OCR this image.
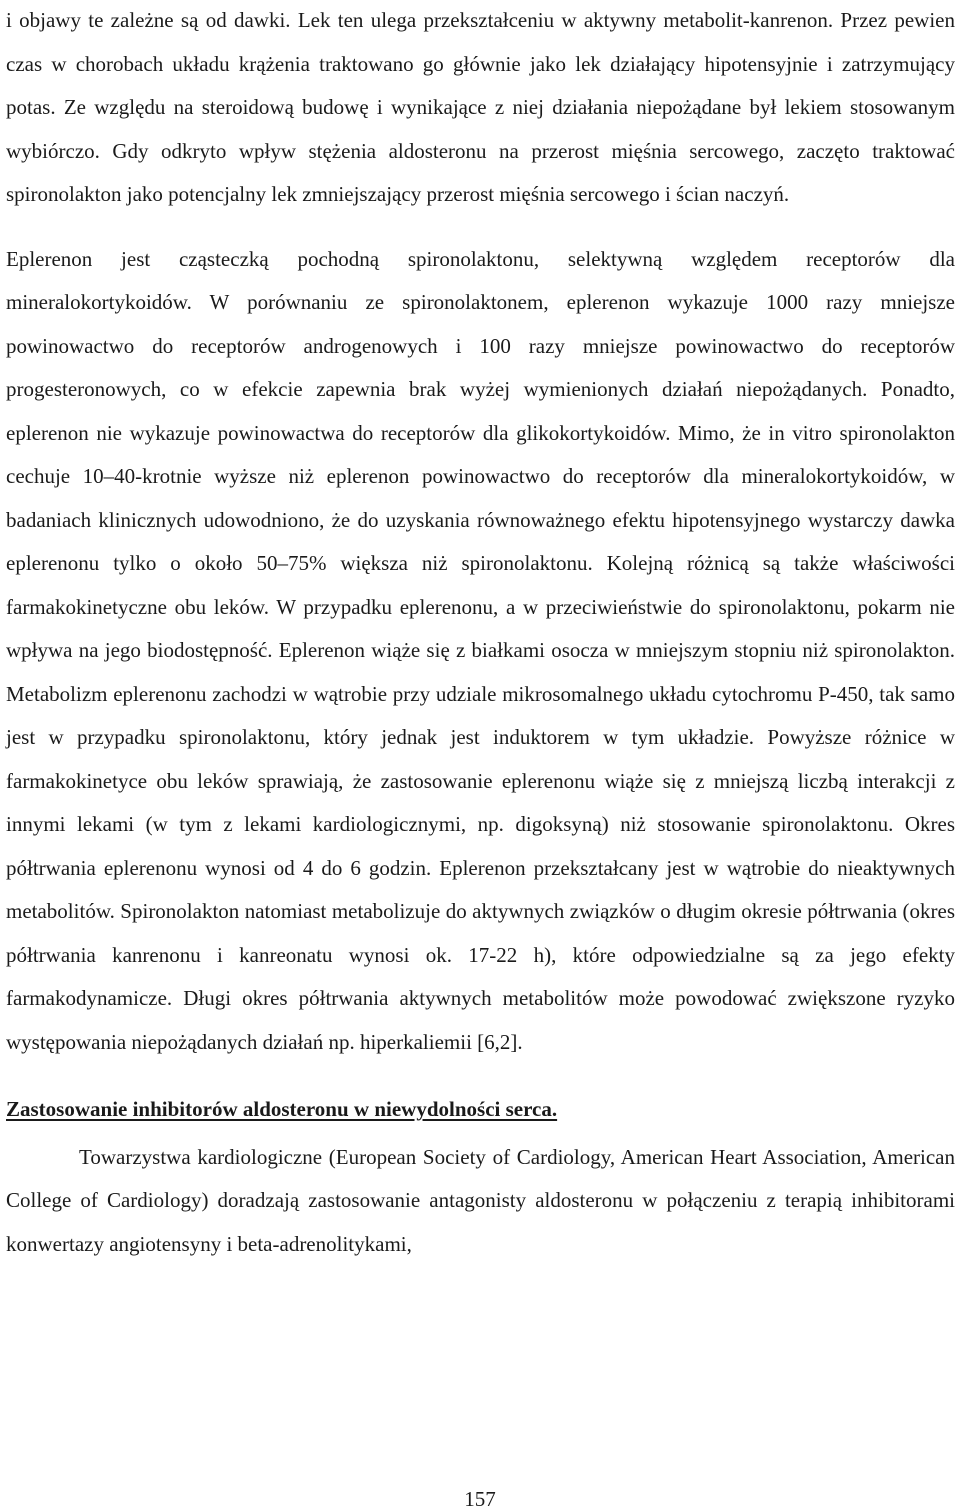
i objawy te zależne są od dawki. Lek ten ulega przekształceniu w aktywny metabolit-kanrenon. Przez pewien czas w chorobach układu krążenia traktowano go głównie jako lek działający hipotensyjnie i zatrzymujący potas. Ze względu na steroidową budowę i wynikające z niej działania niepożądane był lekiem stosowanym wybiórczo. Gdy odkryto wpływ stężenia aldosteronu na przerost mięśnia sercowego, zaczęto traktować spironolakton jako potencjalny lek zmniejszający przerost mięśnia sercowego i ścian naczyń.

Eplerenon jest cząsteczką pochodną spironolaktonu, selektywną względem receptorów dla mineralokortykoidów. W porównaniu ze spironolaktonem, eplerenon wykazuje 1000 razy mniejsze powinowactwo do receptorów androgenowych i 100 razy mniejsze powinowactwo do receptorów progesteronowych, co w efekcie zapewnia brak wyżej wymienionych działań niepożądanych. Ponadto, eplerenon nie wykazuje powinowactwa do receptorów dla glikokortykoidów. Mimo, że in vitro spironolakton cechuje 10–40-krotnie wyższe niż eplerenon powinowactwo do receptorów dla mineralokortykoidów, w badaniach klinicznych udowodniono, że do uzyskania równoważnego efektu hipotensyjnego wystarczy dawka eplerenonu tylko o około 50–75% większa niż spironolaktonu. Kolejną różnicą są także właściwości farmakokinetyczne obu leków. W przypadku eplerenonu, a w przeciwieństwie do spironolaktonu, pokarm nie wpływa na jego biodostępność. Eplerenon wiąże się z białkami osocza w mniejszym stopniu niż spironolakton. Metabolizm eplerenonu zachodzi w wątrobie przy udziale mikrosomalnego układu cytochromu P-450, tak samo jest w przypadku spironolaktonu, który jednak jest induktorem w tym układzie. Powyższe różnice w farmakokinetyce obu leków sprawiają, że zastosowanie eplerenonu wiąże się z mniejszą liczbą interakcji z innymi lekami (w tym z lekami kardiologicznymi, np. digoksyną) niż stosowanie spironolaktonu. Okres półtrwania eplerenonu wynosi od 4 do 6 godzin. Eplerenon przekształcany jest w wątrobie do nieaktywnych metabolitów. Spironolakton natomiast metabolizuje do aktywnych związków o długim okresie półtrwania (okres półtrwania kanrenonu i kanreonatu wynosi ok. 17-22 h), które odpowiedzialne są za jego efekty farmakodynamicze. Długi okres półtrwania aktywnych metabolitów może powodować zwiększone ryzyko występowania niepożądanych działań np. hiperkaliemii [6,2].

Zastosowanie inhibitorów aldosteronu w niewydolności serca.

Towarzystwa kardiologiczne (European Society of Cardiology, American Heart Association, American College of Cardiology) doradzają zastosowanie antagonisty aldosteronu w połączeniu z terapią inhibitorami konwertazy angiotensyny i beta-adrenolitykami,

157
